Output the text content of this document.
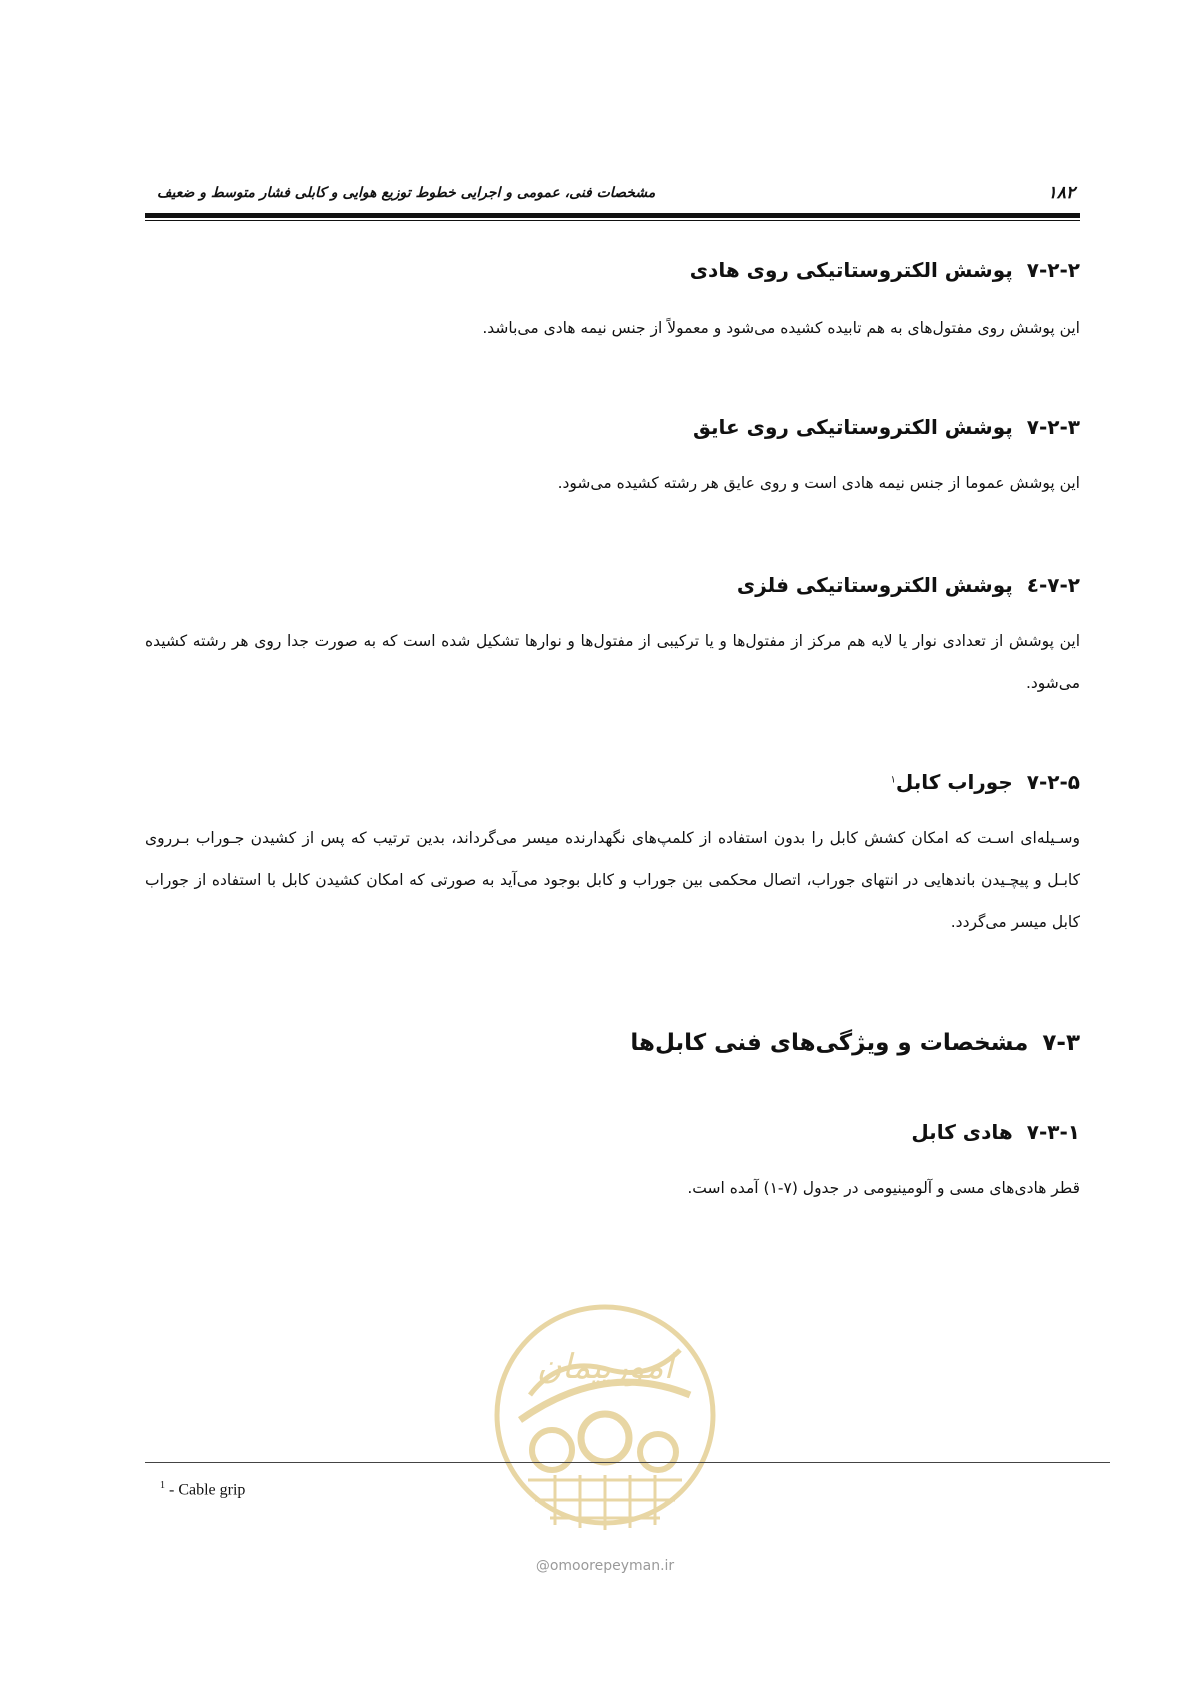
مشخصات فنی، عمومی و اجرایی خطوط توزیع هوایی و کابلی فشار متوسط و ضعیف	۱۸۲
۷-۲-۲پوشش الکتروستاتیکی روی هادی
این پوشش روی مفتول‌های به هم تابیده کشیده می‌شود و معمولاً از جنس نیمه هادی می‌باشد.
۷-۲-۳پوشش الکتروستاتیکی روی عایق
این پوشش عموما از جنس نیمه هادی است و روی عایق هر رشته کشیده می‌شود.
۷-۲-٤پوشش الکتروستاتیکی فلزی
این پوشش از تعدادی نوار یا لایه هم مرکز از مفتول‌ها و یا ترکیبی از مفتول‌ها و نوارها تشکیل شده است که به صورت جدا روی هر رشته کشیده می‌شود.
۷-۲-۵جوراب کابل$^۱$
وسـیله‌ای اسـت که امکان کشش کابل را بدون استفاده از کلمپ‌های نگهدارنده میسر می‌گرداند، بدین ترتیب که پس از کشیدن جـوراب بـرروی کابـل و پیچـیدن باندهایی در انتهای جوراب، اتصال محکمی بین جوراب و کابل بوجود می‌آید به صورتی که امکان کشیدن کابل با استفاده از جوراب کابل میسر می‌گردد.
۷-۳مشخصات و ویژگی‌های فنی کابل‌ها
۷-۳-۱هادی کابل
قطر هادی‌های مسی و آلومینیومی در جدول (۷-۱) آمده است.
امورپیمان
@omoorepeyman.ir
$^1$ - Cable grip
